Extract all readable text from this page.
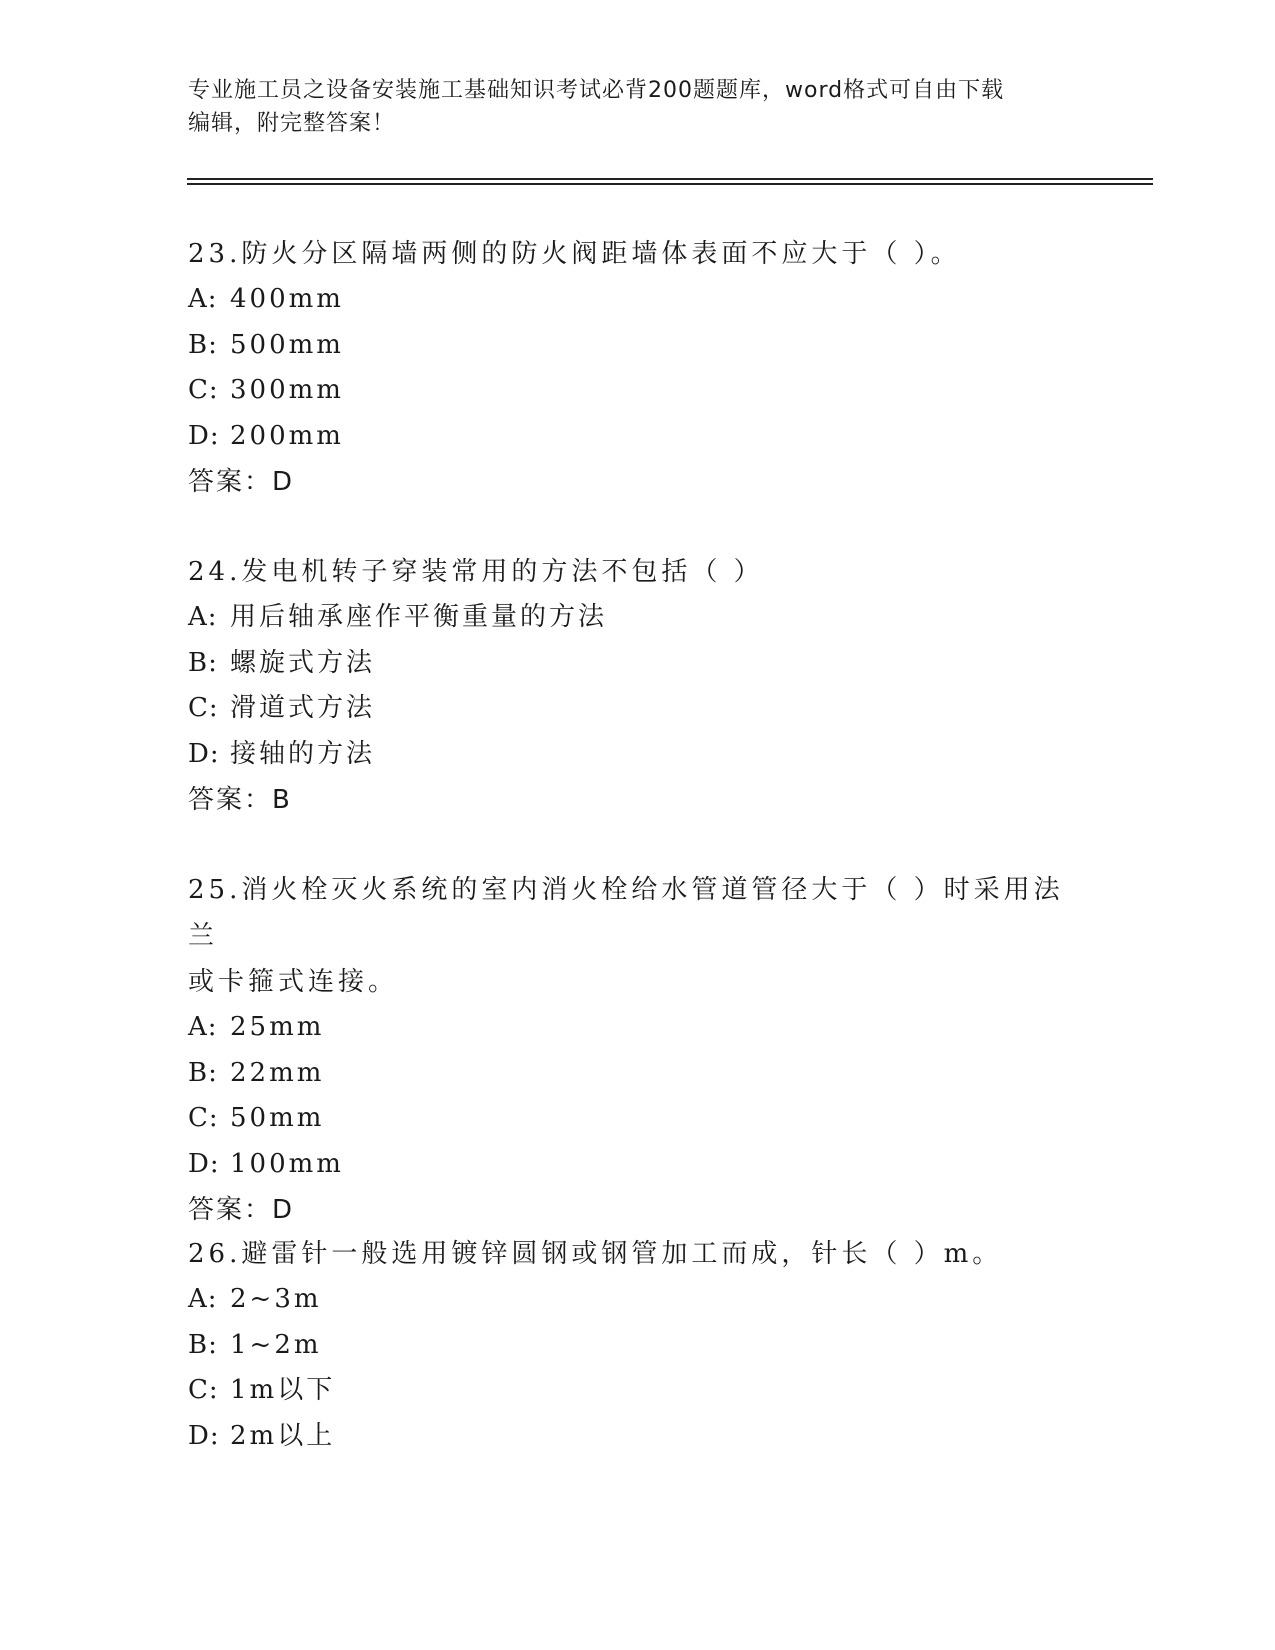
专业施工员之设备安装施工基础知识考试必背200题题库，word格式可自由下载
编辑，附完整答案！

23.防火分区隔墙两侧的防火阀距墙体表面不应大于（ ）。

A: 400mm

B: 500mm

C: 300mm

D: 200mm

答案：D

24.发电机转子穿装常用的方法不包括（ ）

A: 用后轴承座作平衡重量的方法

B: 螺旋式方法

C: 滑道式方法

D: 接轴的方法

答案：B

25.消火栓灭火系统的室内消火栓给水管道管径大于（ ）时采用法兰

或卡箍式连接。

A: 25mm

B: 22mm

C: 50mm

D: 100mm

答案：D

26.避雷针一般选用镀锌圆钢或钢管加工而成，针长（ ）m。

A: 2~3m

B: 1~2m

C: 1m以下

D: 2m以上
